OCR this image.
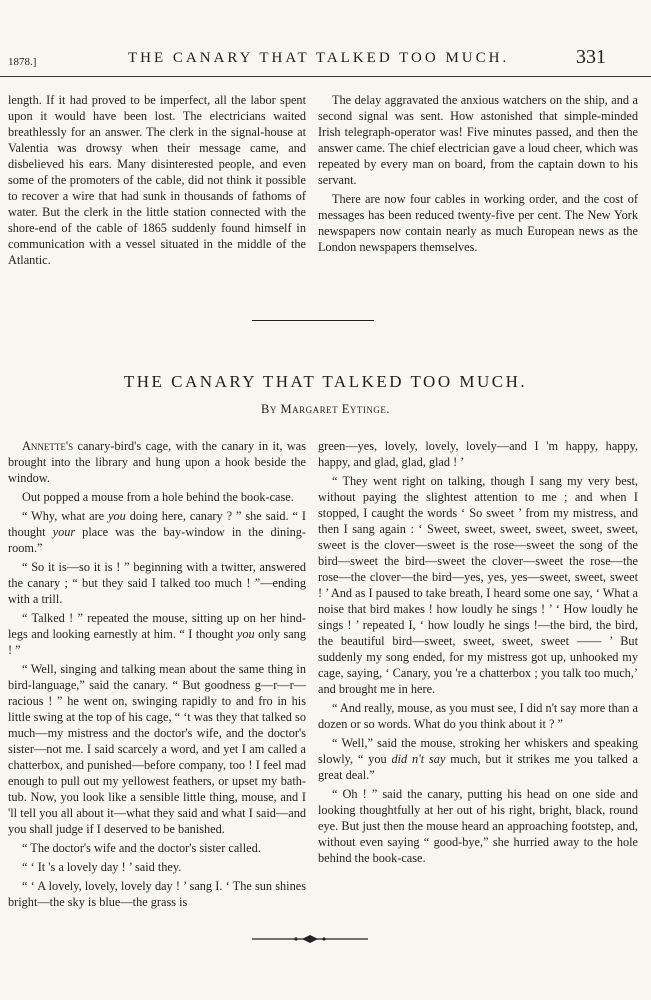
1878.]	THE CANARY THAT TALKED TOO MUCH.	331

length. If it had proved to be imperfect, all the labor spent upon it would have been lost. The electricians waited breathlessly for an answer. The clerk in the signal-house at Valentia was drowsy when their message came, and disbelieved his ears. Many disinterested people, and even some of the promoters of the cable, did not think it possible to recover a wire that had sunk in thousands of fathoms of water. But the clerk in the little station connected with the shore-end of the cable of 1865 suddenly found himself in communication with a vessel situated in the middle of the Atlantic.

The delay aggravated the anxious watchers on the ship, and a second signal was sent. How astonished that simple-minded Irish telegraph-operator was! Five minutes passed, and then the answer came. The chief electrician gave a loud cheer, which was repeated by every man on board, from the captain down to his servant.

There are now four cables in working order, and the cost of messages has been reduced twenty-five per cent. The New York newspapers now contain nearly as much European news as the London newspapers themselves.

THE CANARY THAT TALKED TOO MUCH.
By Margaret Eytinge.

Annette's canary-bird's cage, with the canary in it, was brought into the library and hung upon a hook beside the window.

Out popped a mouse from a hole behind the book-case.

“ Why, what are you doing here, canary ? ” she said. “ I thought your place was the bay-window in the dining-room.”

“ So it is—so it is ! ” beginning with a twitter, answered the canary ; “ but they said I talked too much ! ”—ending with a trill.

“ Talked ! ” repeated the mouse, sitting up on her hind-legs and looking earnestly at him. “ I thought you only sang ! ”

“ Well, singing and talking mean about the same thing in bird-language,” said the canary. “ But goodness g—r—r—racious ! ” he went on, swinging rapidly to and fro in his little swing at the top of his cage, “ ‘t was they that talked so much—my mistress and the doctor's wife, and the doctor's sister—not me. I said scarcely a word, and yet I am called a chatterbox, and punished—before company, too ! I feel mad enough to pull out my yellowest feathers, or upset my bath-tub. Now, you look like a sensible little thing, mouse, and I 'll tell you all about it—what they said and what I said—and you shall judge if I deserved to be banished.

“ The doctor's wife and the doctor's sister called.

“ ‘ It 's a lovely day ! ’ said they.

“ ‘ A lovely, lovely, lovely day ! ’ sang I. ‘ The sun shines bright—the sky is blue—the grass is

green—yes, lovely, lovely, lovely—and I 'm happy, happy, happy, and glad, glad, glad ! ’

“ They went right on talking, though I sang my very best, without paying the slightest attention to me ; and when I stopped, I caught the words ‘ So sweet ’ from my mistress, and then I sang again : ‘ Sweet, sweet, sweet, sweet, sweet, sweet, sweet is the clover—sweet is the rose—sweet the song of the bird—sweet the bird—sweet the clover—sweet the rose—the rose—the clover—the bird—yes, yes, yes—sweet, sweet, sweet ! ’ And as I paused to take breath, I heard some one say, ‘ What a noise that bird makes ! how loudly he sings ! ’ ‘ How loudly he sings ! ’ repeated I, ‘ how loudly he sings !—the bird, the bird, the beautiful bird—sweet, sweet, sweet, sweet —— ’ But suddenly my song ended, for my mistress got up, unhooked my cage, saying, ‘ Canary, you 're a chatterbox ; you talk too much,’ and brought me in here.

“ And really, mouse, as you must see, I did n't say more than a dozen or so words. What do you think about it ? ”

“ Well,” said the mouse, stroking her whiskers and speaking slowly, “ you did n't say much, but it strikes me you talked a great deal.”

“ Oh ! ” said the canary, putting his head on one side and looking thoughtfully at her out of his right, bright, black, round eye. But just then the mouse heard an approaching footstep, and, without even saying “ good-bye,” she hurried away to the hole behind the book-case.
